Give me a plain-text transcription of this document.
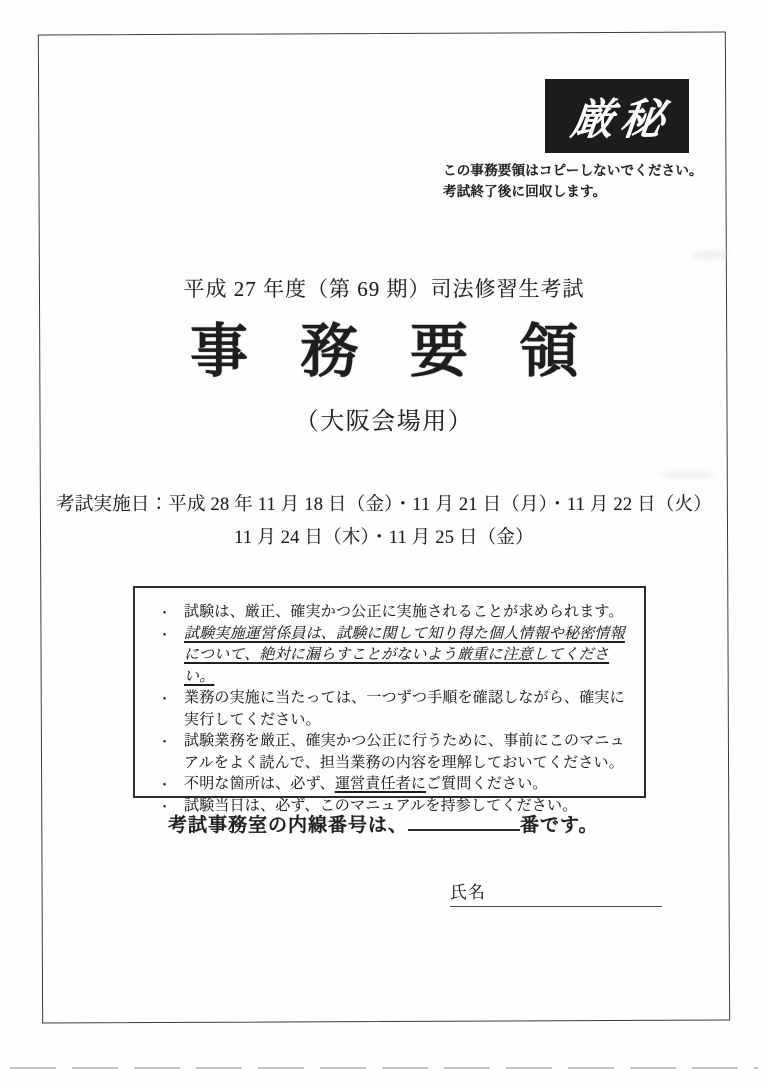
厳秘
この事務要領はコピーしないでください。
考試終了後に回収します。
平成 27 年度（第 69 期）司法修習生考試
事務要領
（大阪会場用）
考試実施日：平成 28 年 11 月 18 日（金）・11 月 21 日（月）・11 月 22 日（火）
11 月 24 日（木）・11 月 25 日（金）
・ 試験は、厳正、確実かつ公正に実施されることが求められます。
・ 試験実施運営係員は、試験に関して知り得た個人情報や秘密情報について、絶対に漏らすことがないよう厳重に注意してください。
・ 業務の実施に当たっては、一つずつ手順を確認しながら、確実に実行してください。
・ 試験業務を厳正、確実かつ公正に行うために、事前にこのマニュアルをよく読んで、担当業務の内容を理解しておいてください。
・ 不明な箇所は、必ず、運営責任者にご質問ください。
・ 試験当日は、必ず、このマニュアルを持参してください。
考試事務室の内線番号は、	番です。
氏名
